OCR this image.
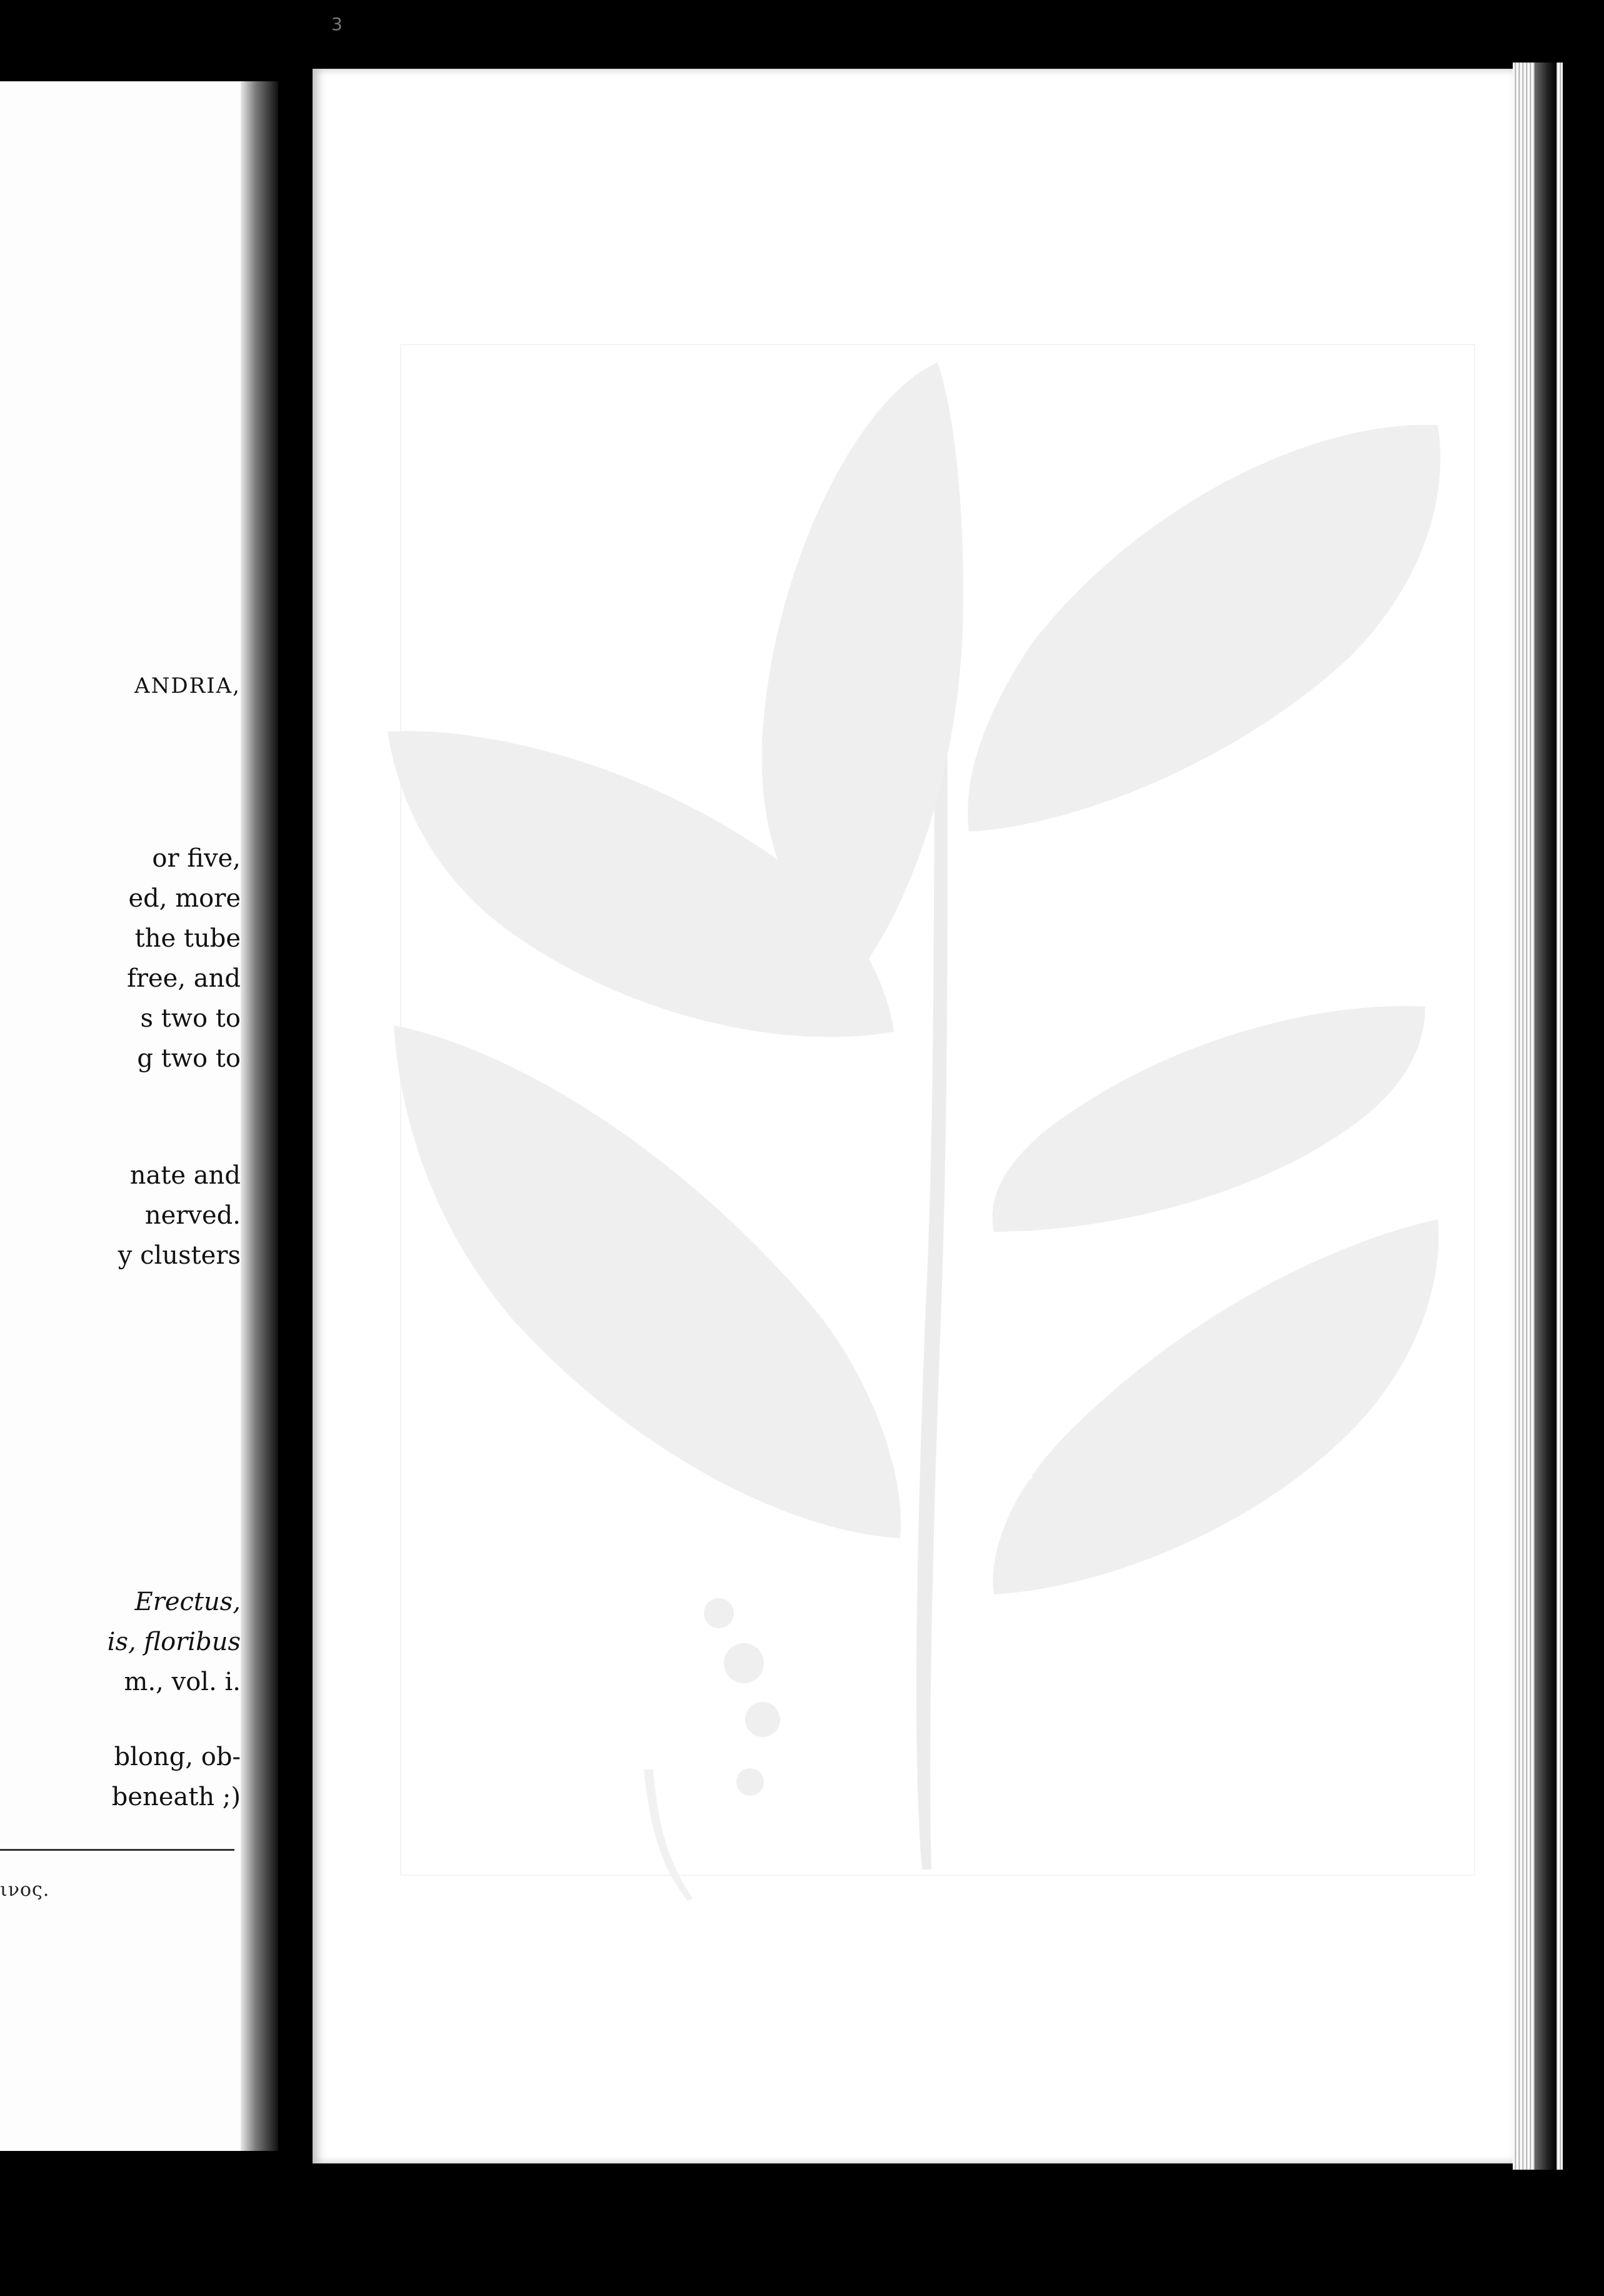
3
ANDRIA,
or five,
ed, more
the tube
free, and
s two to
g two to
nate and
nerved.
y clusters
Erectus,
is, floribus
m., vol. i.
blong, ob-
beneath ;)
ινος.
